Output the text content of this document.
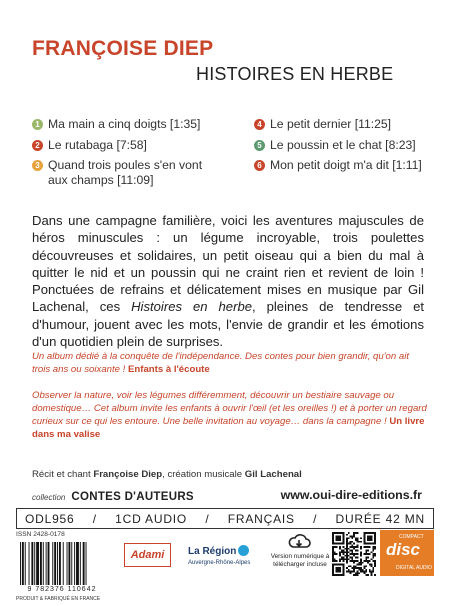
FRANÇOISE DIEP
HISTOIRES EN HERBE
1 Ma main a cinq doigts [1:35]
2 Le rutabaga [7:58]
3 Quand trois poules s'en vont
aux champs [11:09]
4 Le petit dernier [11:25]
5 Le poussin et le chat [8:23]
6 Mon petit doigt m'a dit [1:11]
Dans une campagne familière, voici les aventures majuscules de héros minuscules : un légume incroyable, trois poulettes découvreuses et solidaires, un petit oiseau qui a bien du mal à quitter le nid et un poussin qui ne craint rien et revient de loin ! Ponctuées de refrains et délicatement mises en musique par Gil Lachenal, ces Histoires en herbe, pleines de tendresse et d'humour, jouent avec les mots, l'envie de grandir et les émotions d'un quotidien plein de surprises.
Un album dédié à la conquête de l'indépendance. Des contes pour bien grandir, qu'on ait trois ans ou soixante ! Enfants à l'écoute
Observer la nature, voir les légumes différemment, découvrir un bestiaire sauvage ou domestique… Cet album invite les enfants à ouvrir l'œil (et les oreilles !) et à porter un regard curieux sur ce qui les entoure. Une belle invitation au voyage… dans la campagne ! Un livre dans ma valise
Récit et chant Françoise Diep, création musicale Gil Lachenal
collection CONTES D'AUTEURS	www.oui-dire-editions.fr
ODL956 / 1CD AUDIO / FRANÇAIS / DURÉE 42 MN
ISSN 2428-0178
9 782376 110642
PRODUIT & FABRIQUÉ EN FRANCE
Adami	La Région
Auvergne-Rhône-Alpes
Version numérique à télécharger incluse
COMPACT
disc
DIGITAL AUDIO
